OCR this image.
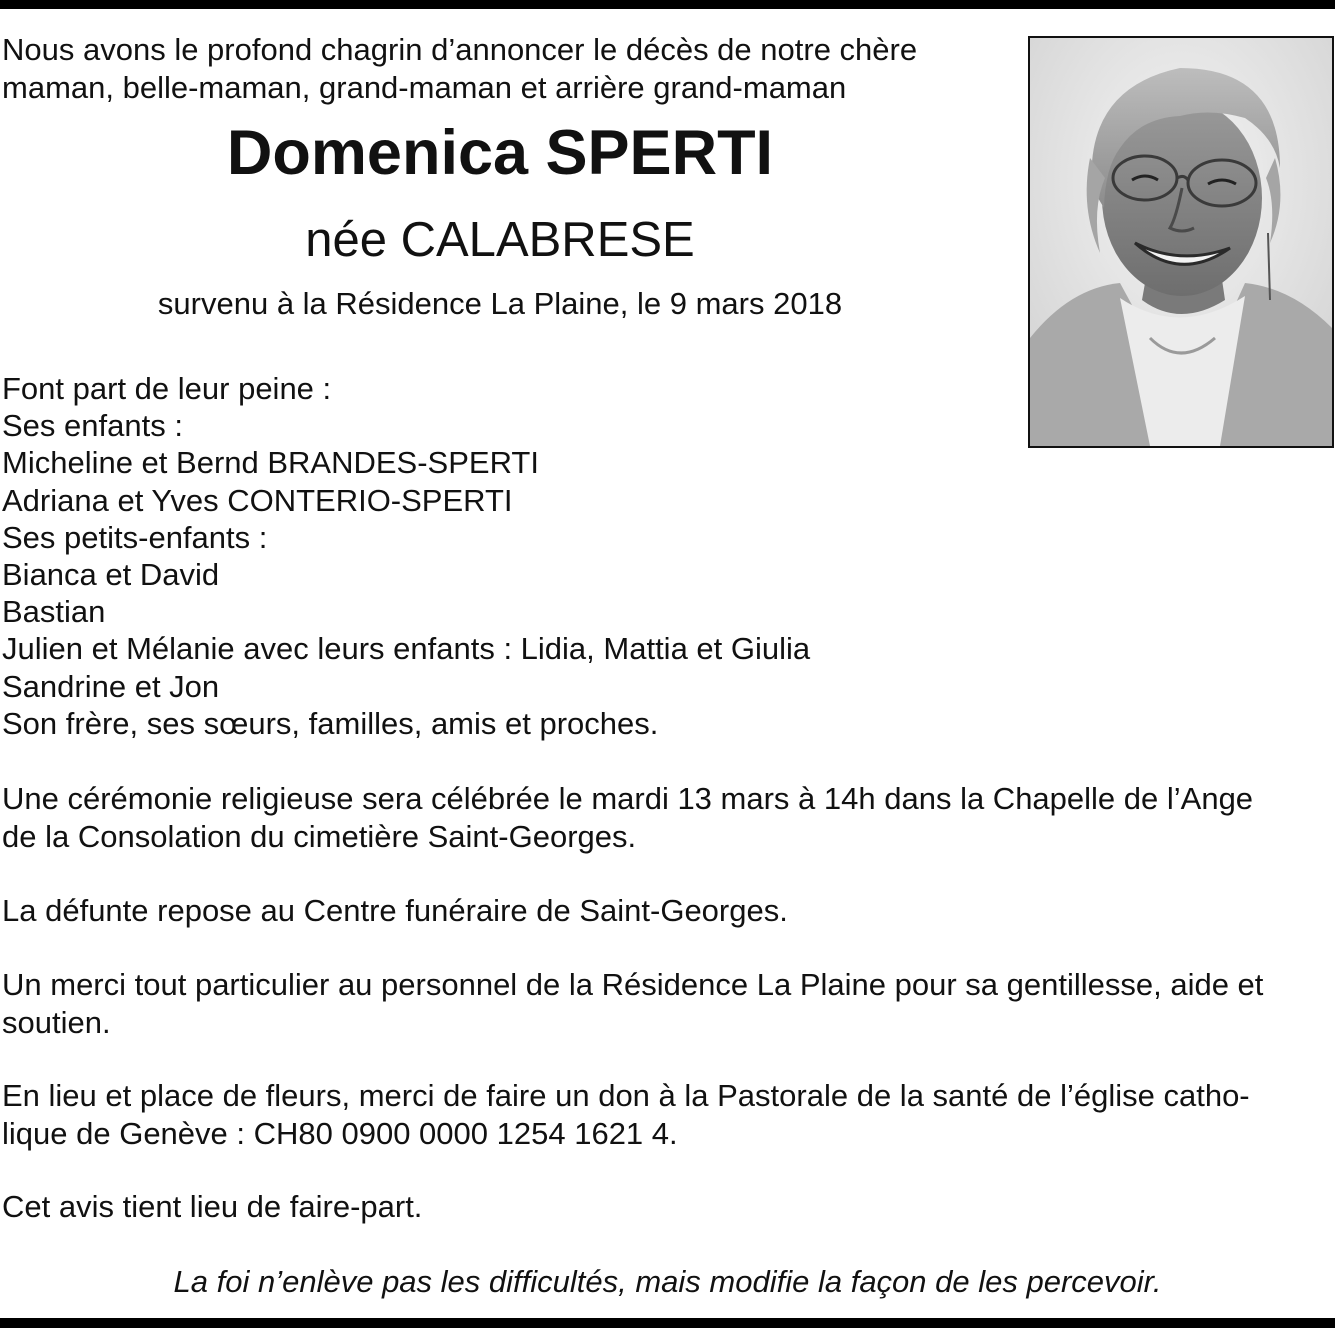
Nous avons le profond chagrin d’annoncer le décès de notre chère
maman, belle-maman, grand-maman et arrière grand-maman
Domenica SPERTI
née CALABRESE
survenu à la Résidence La Plaine, le 9 mars 2018
Font part de leur peine :
Ses enfants :
Micheline et Bernd BRANDES-SPERTI
Adriana et Yves CONTERIO-SPERTI
Ses petits-enfants :
Bianca et David
Bastian
Julien et Mélanie avec leurs enfants : Lidia, Mattia et Giulia
Sandrine et Jon
Son frère, ses sœurs, familles, amis et proches.
Une cérémonie religieuse sera célébrée le mardi 13 mars à 14h dans la Chapelle de l’Ange
de la Consolation du cimetière Saint-Georges.
La défunte repose au Centre funéraire de Saint-Georges.
Un merci tout particulier au personnel de la Résidence La Plaine pour sa gentillesse, aide et
soutien.
En lieu et place de fleurs, merci de faire un don à la Pastorale de la santé de l’église catho-
lique de Genève : CH80 0900 0000 1254 1621 4.
Cet avis tient lieu de faire-part.
La foi n’enlève pas les difficultés, mais modifie la façon de les percevoir.
